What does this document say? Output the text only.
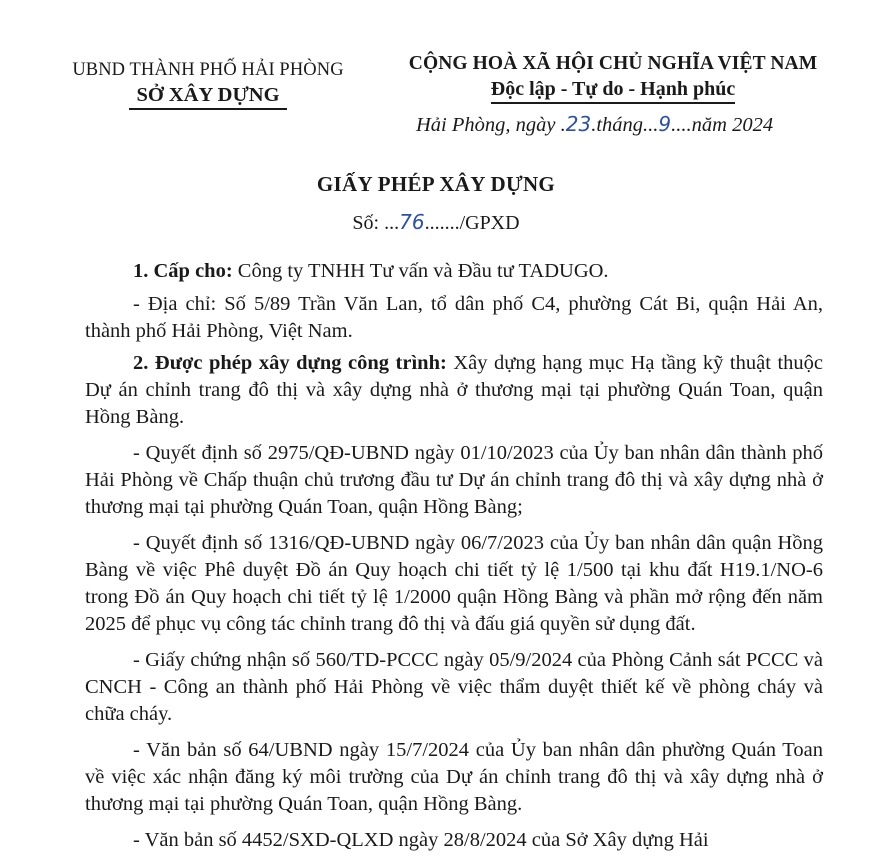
UBND THÀNH PHỐ HẢI PHÒNG
SỞ XÂY DỰNG
CỘNG HOÀ XÃ HỘI CHỦ NGHĨA VIỆT NAM
Độc lập - Tự do - Hạnh phúc
Hải Phòng, ngày .23.tháng...9....năm 2024
GIẤY PHÉP XÂY DỰNG
Số: ...76......./GPXD

1. Cấp cho: Công ty TNHH Tư vấn và Đầu tư TADUGO.

- Địa chỉ: Số 5/89 Trần Văn Lan, tổ dân phố C4, phường Cát Bi, quận Hải An, thành phố Hải Phòng, Việt Nam.

2. Được phép xây dựng công trình: Xây dựng hạng mục Hạ tầng kỹ thuật thuộc Dự án chỉnh trang đô thị và xây dựng nhà ở thương mại tại phường Quán Toan, quận Hồng Bàng.

- Quyết định số 2975/QĐ-UBND ngày 01/10/2023 của Ủy ban nhân dân thành phố Hải Phòng về Chấp thuận chủ trương đầu tư Dự án chỉnh trang đô thị và xây dựng nhà ở thương mại tại phường Quán Toan, quận Hồng Bàng;

- Quyết định số 1316/QĐ-UBND ngày 06/7/2023 của Ủy ban nhân dân quận Hồng Bàng về việc Phê duyệt Đồ án Quy hoạch chi tiết tỷ lệ 1/500 tại khu đất H19.1/NO-6 trong Đồ án Quy hoạch chi tiết tỷ lệ 1/2000 quận Hồng Bàng và phần mở rộng đến năm 2025 để phục vụ công tác chỉnh trang đô thị và đấu giá quyền sử dụng đất.

- Giấy chứng nhận số 560/TD-PCCC ngày 05/9/2024 của Phòng Cảnh sát PCCC và CNCH - Công an thành phố Hải Phòng về việc thẩm duyệt thiết kế về phòng cháy và chữa cháy.

- Văn bản số 64/UBND ngày 15/7/2024 của Ủy ban nhân dân phường Quán Toan về việc xác nhận đăng ký môi trường của Dự án chỉnh trang đô thị và xây dựng nhà ở thương mại tại phường Quán Toan, quận Hồng Bàng.

- Văn bản số 4452/SXD-QLXD ngày 28/8/2024 của Sở Xây dựng Hải
